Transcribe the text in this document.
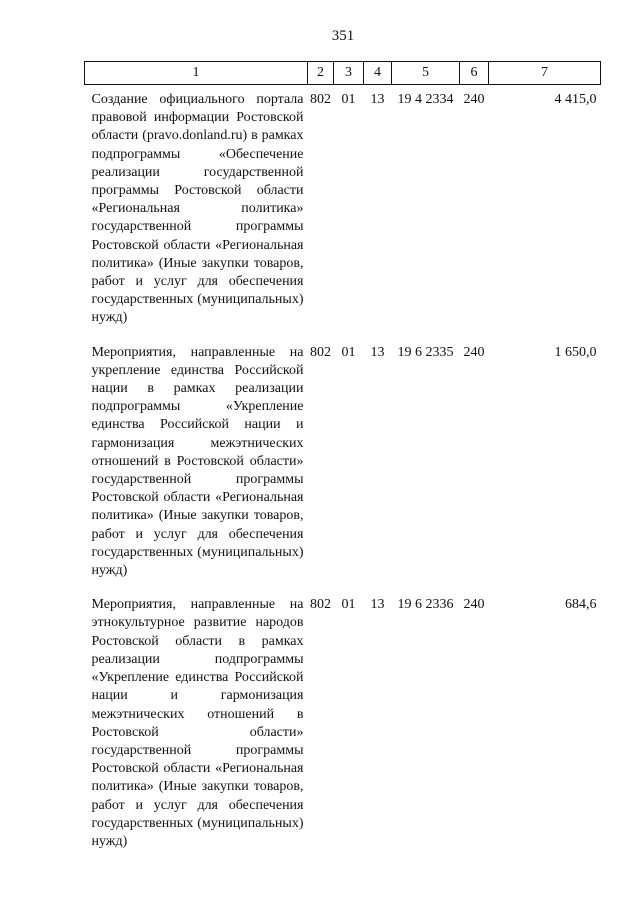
351
1	2	3	4	5	6	7
Создание официального портала правовой информации Ростовской области (pravo.donland.ru) в рамках подпрограммы «Обеспечение реализации государственной программы Ростовской области «Региональная политика» государственной программы Ростовской области «Региональная политика» (Иные закупки товаров, работ и услуг для обеспечения государственных (муниципальных) нужд)	802	01	13	19 4 2334	240	4 415,0
Мероприятия, направленные на укрепление единства Российской нации в рамках реализации подпрограммы «Укрепление единства Российской нации и гармонизация межэтнических отношений в Ростовской области» государственной программы Ростовской области «Региональная политика» (Иные закупки товаров, работ и услуг для обеспечения государственных (муниципальных) нужд)	802	01	13	19 6 2335	240	1 650,0
Мероприятия, направленные на этнокультурное развитие народов Ростовской области в рамках реализации подпрограммы «Укрепление единства Российской нации и гармонизация межэтнических отношений в Ростовской области» государственной программы Ростовской области «Региональная политика» (Иные закупки товаров, работ и услуг для обеспечения государственных (муниципальных) нужд)	802	01	13	19 6 2336	240	684,6
